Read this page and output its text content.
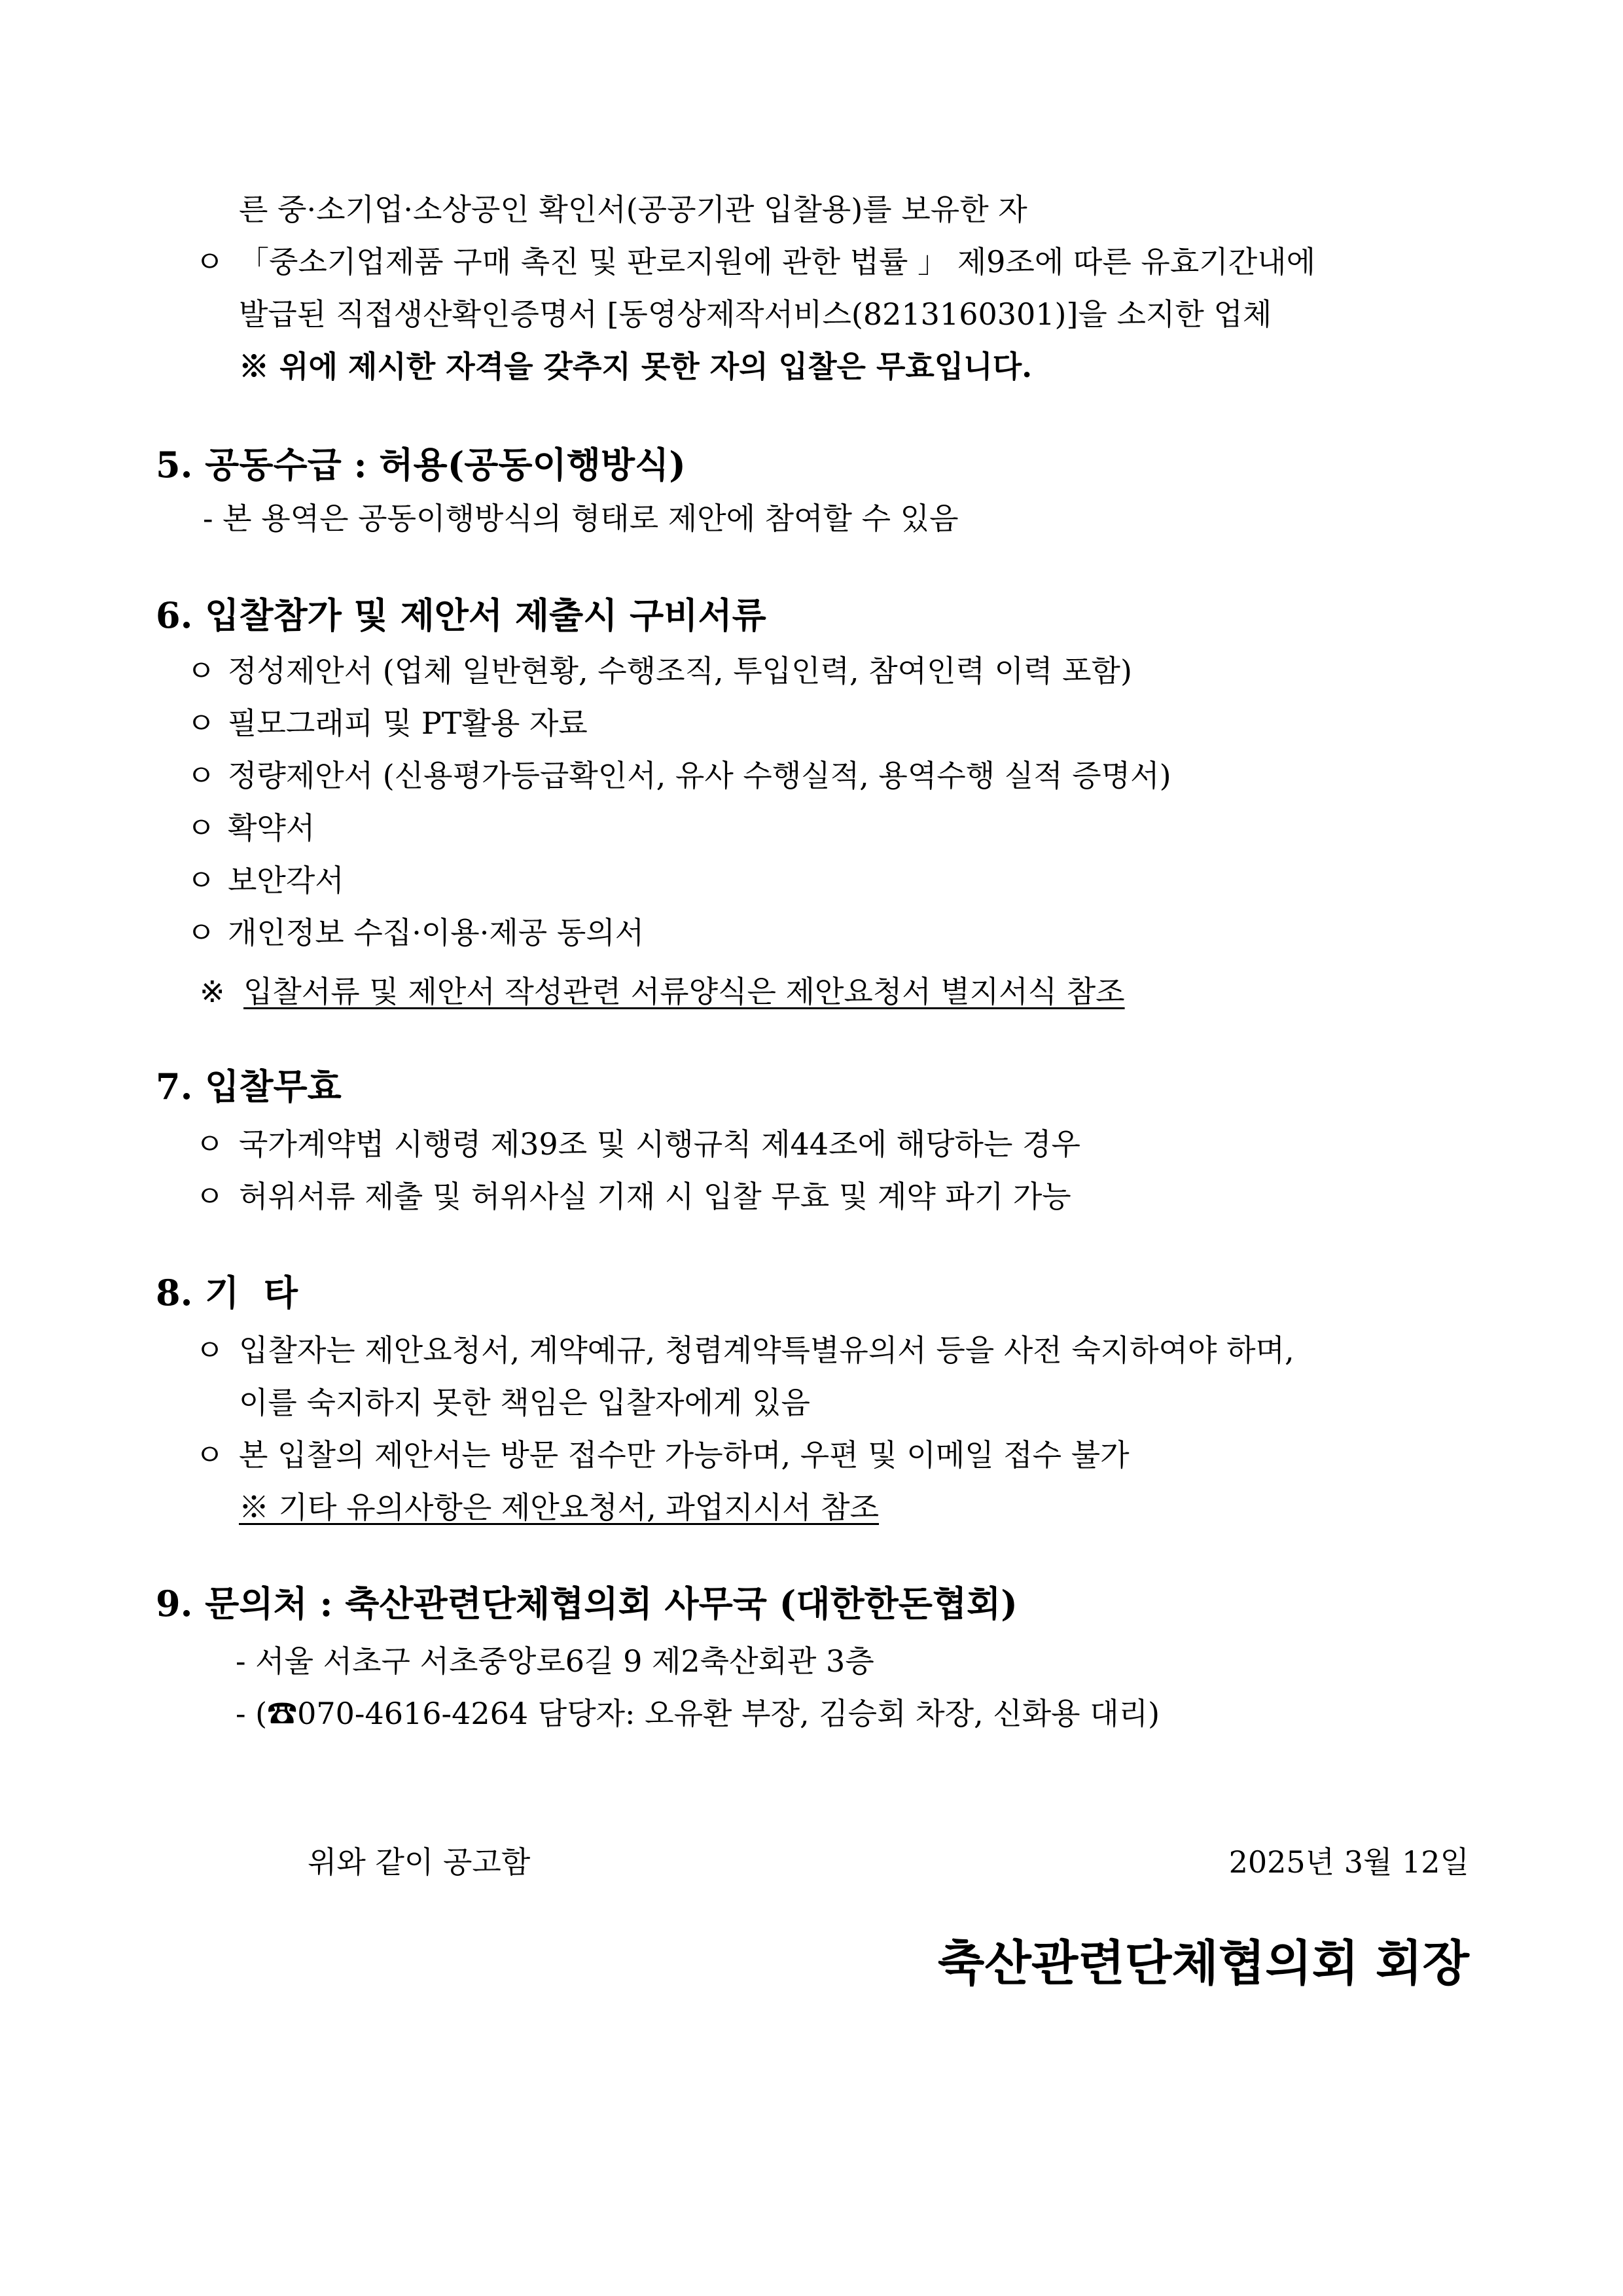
른 중·소기업·소상공인 확인서(공공기관 입찰용)를 보유한 자
ㅇ 「중소기업제품 구매 촉진 및 판로지원에 관한 법률 」 제9조에 따른 유효기간내에
발급된 직접생산확인증명서 [동영상제작서비스(8213160301)]을 소지한 업체
※ 위에 제시한 자격을 갖추지 못한 자의 입찰은 무효입니다.
5. 공동수급 : 허용(공동이행방식)
- 본 용역은 공동이행방식의 형태로 제안에 참여할 수 있음
6. 입찰참가 및 제안서 제출시 구비서류
ㅇ 정성제안서 (업체 일반현황, 수행조직, 투입인력, 참여인력 이력 포함)
ㅇ 필모그래피 및 PT활용 자료
ㅇ 정량제안서 (신용평가등급확인서, 유사 수행실적, 용역수행 실적 증명서)
ㅇ 확약서
ㅇ 보안각서
ㅇ 개인정보 수집·이용·제공 동의서
※ 입찰서류 및 제안서 작성관련 서류양식은 제안요청서 별지서식 참조
7. 입찰무효
ㅇ 국가계약법 시행령 제39조 및 시행규칙 제44조에 해당하는 경우
ㅇ 허위서류 제출 및 허위사실 기재 시 입찰 무효 및 계약 파기 가능
8. 기  타
ㅇ 입찰자는 제안요청서, 계약예규, 청렴계약특별유의서 등을 사전 숙지하여야 하며,
이를 숙지하지 못한 책임은 입찰자에게 있음
ㅇ 본 입찰의 제안서는 방문 접수만 가능하며, 우편 및 이메일 접수 불가
※ 기타 유의사항은 제안요청서, 과업지시서 참조
9. 문의처 : 축산관련단체협의회 사무국 (대한한돈협회)
- 서울 서초구 서초중앙로6길 9 제2축산회관 3층
- (☎070-4616-4264 담당자: 오유환 부장, 김승회 차장, 신화용 대리)
위와 같이 공고함	2025년 3월 12일
축산관련단체협의회 회장
